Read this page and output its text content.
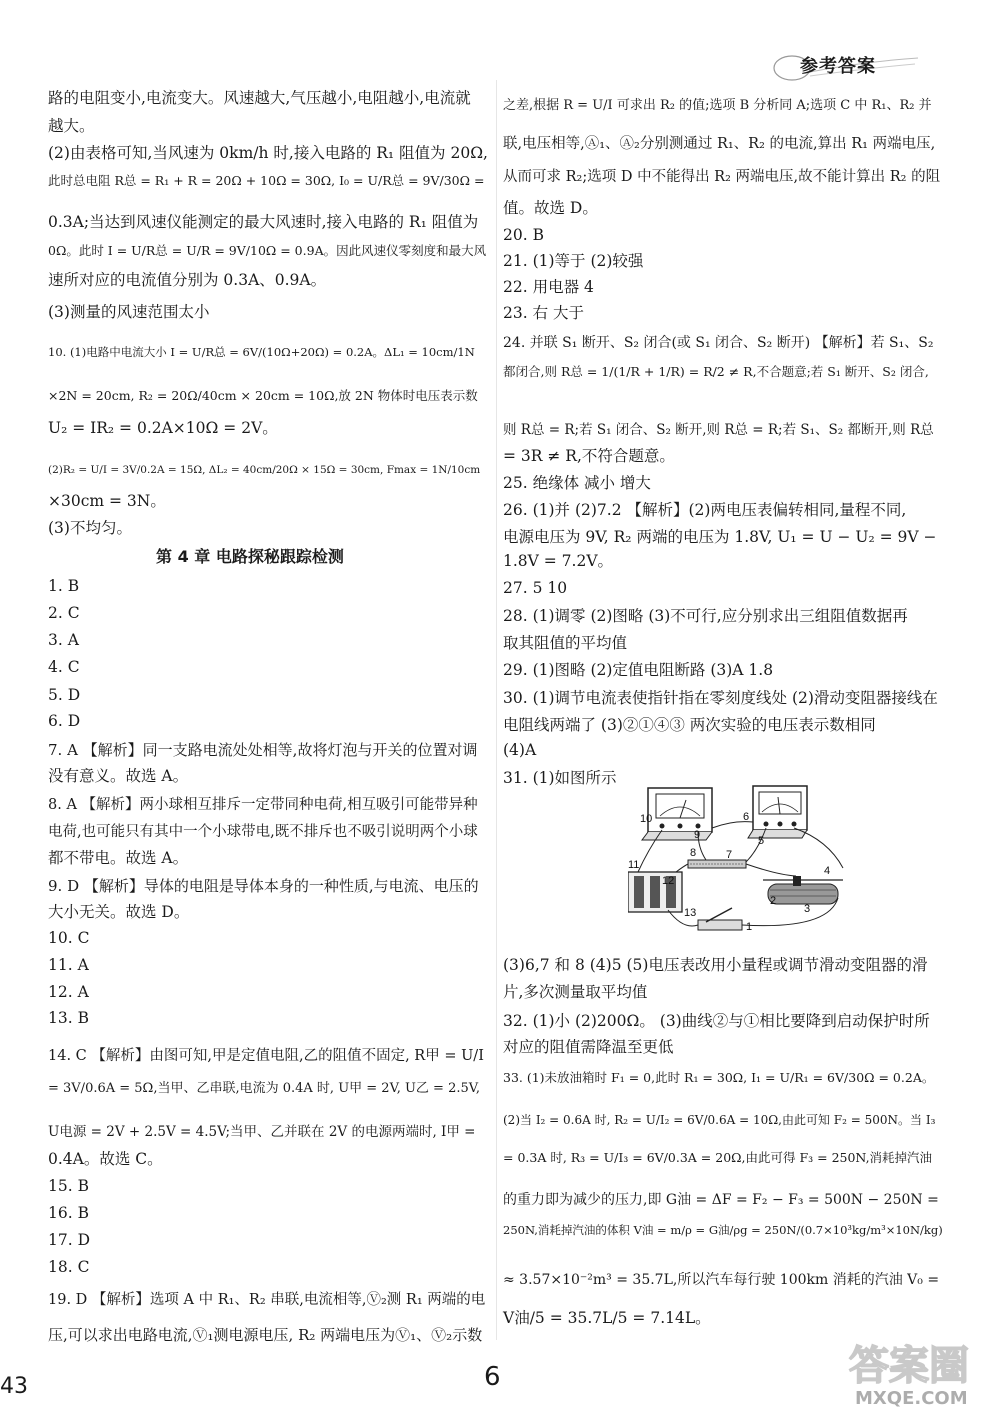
参考答案
路的电阻变小,电流变大。风速越大,气压越小,电阻越小,电流就
越大。
(2)由表格可知,当风速为 0km/h 时,接入电路的 R₁ 阻值为 20Ω,
此时总电阻 R总 = R₁ + R = 20Ω + 10Ω = 30Ω, I₀ = U/R总 = 9V/30Ω =
0.3A;当达到风速仪能测定的最大风速时,接入电路的 R₁ 阻值为
0Ω。此时 I = U/R总 = U/R = 9V/10Ω = 0.9A。因此风速仪零刻度和最大风
速所对应的电流值分别为 0.3A、0.9A。
(3)测量的风速范围太小
10. (1)电路中电流大小 I = U/R总 = 6V/(10Ω+20Ω) = 0.2A。ΔL₁ = 10cm/1N
×2N = 20cm, R₂ = 20Ω/40cm × 20cm = 10Ω,放 2N 物体时电压表示数
U₂ = IR₂ = 0.2A×10Ω = 2V。
(2)R₂ = U/I = 3V/0.2A = 15Ω, ΔL₂ = 40cm/20Ω × 15Ω = 30cm, Fmax = 1N/10cm
×30cm = 3N。
(3)不均匀。
第 4 章 电路探秘跟踪检测
1. B
2. C
3. A
4. C
5. D
6. D
7. A 【解析】同一支路电流处处相等,故将灯泡与开关的位置对调
没有意义。故选 A。
8. A 【解析】两小球相互排斥一定带同种电荷,相互吸引可能带异种
电荷,也可能只有其中一个小球带电,既不排斥也不吸引说明两个小球
都不带电。故选 A。
9. D 【解析】导体的电阻是导体本身的一种性质,与电流、电压的
大小无关。故选 D。
10. C
11. A
12. A
13. B
14. C 【解析】由图可知,甲是定值电阻,乙的阻值不固定, R甲 = U/I
= 3V/0.6A = 5Ω,当甲、乙串联,电流为 0.4A 时, U甲 = 2V, U乙 = 2.5V,
U电源 = 2V + 2.5V = 4.5V;当甲、乙并联在 2V 的电源两端时, I甲 =
0.4A。故选 C。
15. B
16. B
17. D
18. C
19. D 【解析】选项 A 中 R₁、R₂ 串联,电流相等,Ⓥ₂测 R₁ 两端的电
压,可以求出电路电流,Ⓥ₁测电源电压, R₂ 两端电压为Ⓥ₁、Ⓥ₂示数
之差,根据 R = U/I 可求出 R₂ 的值;选项 B 分析同 A;选项 C 中 R₁、R₂ 并
联,电压相等,Ⓐ₁、Ⓐ₂分别测通过 R₁、R₂ 的电流,算出 R₁ 两端电压,
从而可求 R₂;选项 D 中不能得出 R₂ 两端电压,故不能计算出 R₂ 的阻
值。故选 D。
20. B
21. (1)等于 (2)较强
22. 用电器 4
23. 右 大于
24. 并联 S₁ 断开、S₂ 闭合(或 S₁ 闭合、S₂ 断开) 【解析】若 S₁、S₂
都闭合,则 R总 = 1/(1/R + 1/R) = R/2 ≠ R,不合题意;若 S₁ 断开、S₂ 闭合,
则 R总 = R;若 S₁ 闭合、S₂ 断开,则 R总 = R;若 S₁、S₂ 都断开,则 R总
= 3R ≠ R,不符合题意。
25. 绝缘体 减小 增大
26. (1)并 (2)7.2 【解析】(2)两电压表偏转相同,量程不同,
电源电压为 9V, R₂ 两端的电压为 1.8V, U₁ = U − U₂ = 9V −
1.8V = 7.2V。
27. 5 10
28. (1)调零 (2)图略 (3)不可行,应分别求出三组阻值数据再
取其阻值的平均值
29. (1)图略 (2)定值电阻断路 (3)A 1.8
30. (1)调节电流表使指针指在零刻度线处 (2)滑动变阻器接线在
电阻线两端了 (3)②①④③ 两次实验的电压表示数相同
(4)A
31. (1)如图所示
(3)6,7 和 8 (4)5 (5)电压表改用小量程或调节滑动变阻器的滑
片,多次测量取平均值
32. (1)小 (2)200Ω。 (3)曲线②与①相比要降到启动保护时所
对应的阻值需降温至更低
33. (1)未放油箱时 F₁ = 0,此时 R₁ = 30Ω, I₁ = U/R₁ = 6V/30Ω = 0.2A。
(2)当 I₂ = 0.6A 时, R₂ = U/I₂ = 6V/0.6A = 10Ω,由此可知 F₂ = 500N。当 I₃
= 0.3A 时, R₃ = U/I₃ = 6V/0.3A = 20Ω,由此可得 F₃ = 250N,消耗掉汽油
的重力即为减少的压力,即 G油 = ΔF = F₂ − F₃ = 500N − 250N =
250N,消耗掉汽油的体积 V油 = m/ρ = G油/ρg = 250N/(0.7×10³kg/m³×10N/kg)
≈ 3.57×10⁻²m³ = 35.7L,所以汽车每行驶 100km 消耗的汽油 V₀ =
V油/5 = 35.7L/5 = 7.14L。
1
2
3
4
5
6
7
8
9
10
11
12
13
43	6	答案圈
MXQE.COM
